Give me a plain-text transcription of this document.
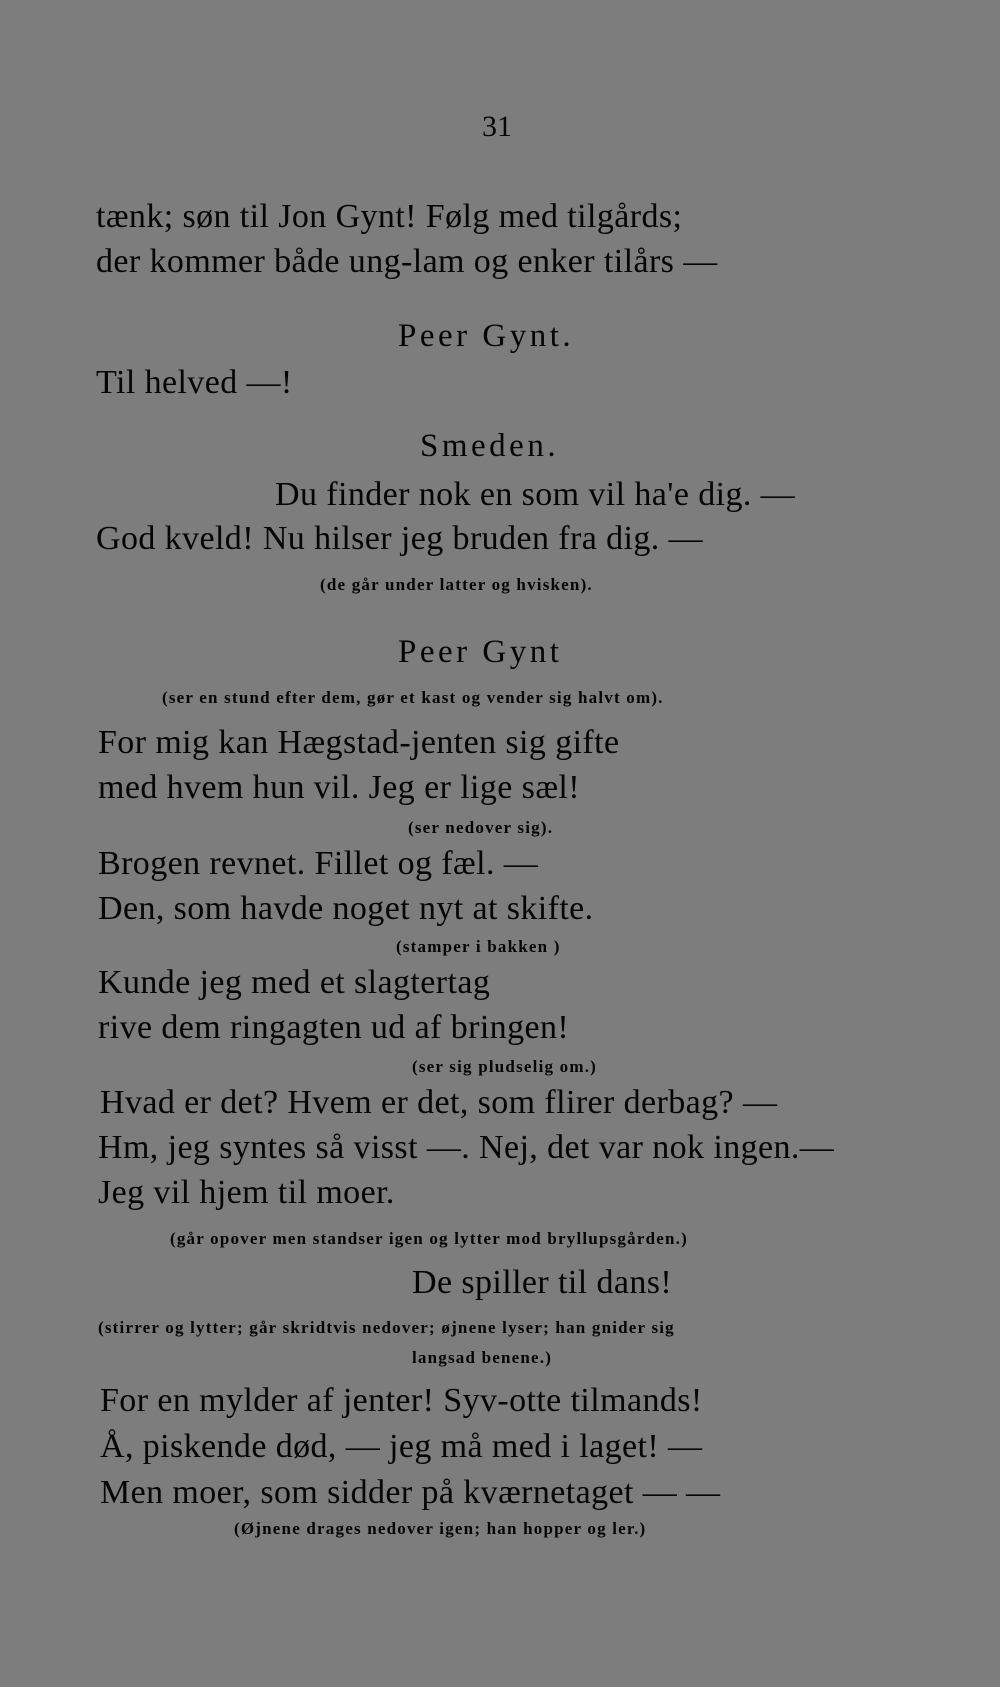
31
tænk; søn til Jon Gynt! Følg med tilgårds;
der kommer både ung-lam og enker tilårs —
Peer Gynt.
Til helved —!
Smeden.
Du finder nok en som vil ha'e dig. —
God kveld! Nu hilser jeg bruden fra dig. —
(de går under latter og hvisken).
Peer Gynt
(ser en stund efter dem, gør et kast og vender sig halvt om).
For mig kan Hægstad-jenten sig gifte
med hvem hun vil. Jeg er lige sæl!
(ser nedover sig).
Brogen revnet. Fillet og fæl. —
Den, som havde noget nyt at skifte.
(stamper i bakken )
Kunde jeg med et slagtertag
rive dem ringagten ud af bringen!
(ser sig pludselig om.)
Hvad er det? Hvem er det, som flirer derbag? —
Hm, jeg syntes så visst —. Nej, det var nok ingen.—
Jeg vil hjem til moer.
(går opover men standser igen og lytter mod bryllupsgården.)
De spiller til dans!
(stirrer og lytter; går skridtvis nedover; øjnene lyser; han gnider sig
langsad benene.)
For en mylder af jenter! Syv-otte tilmands!
Å, piskende død, — jeg må med i laget! —
Men moer, som sidder på kværnetaget — —
(Øjnene drages nedover igen; han hopper og ler.)
